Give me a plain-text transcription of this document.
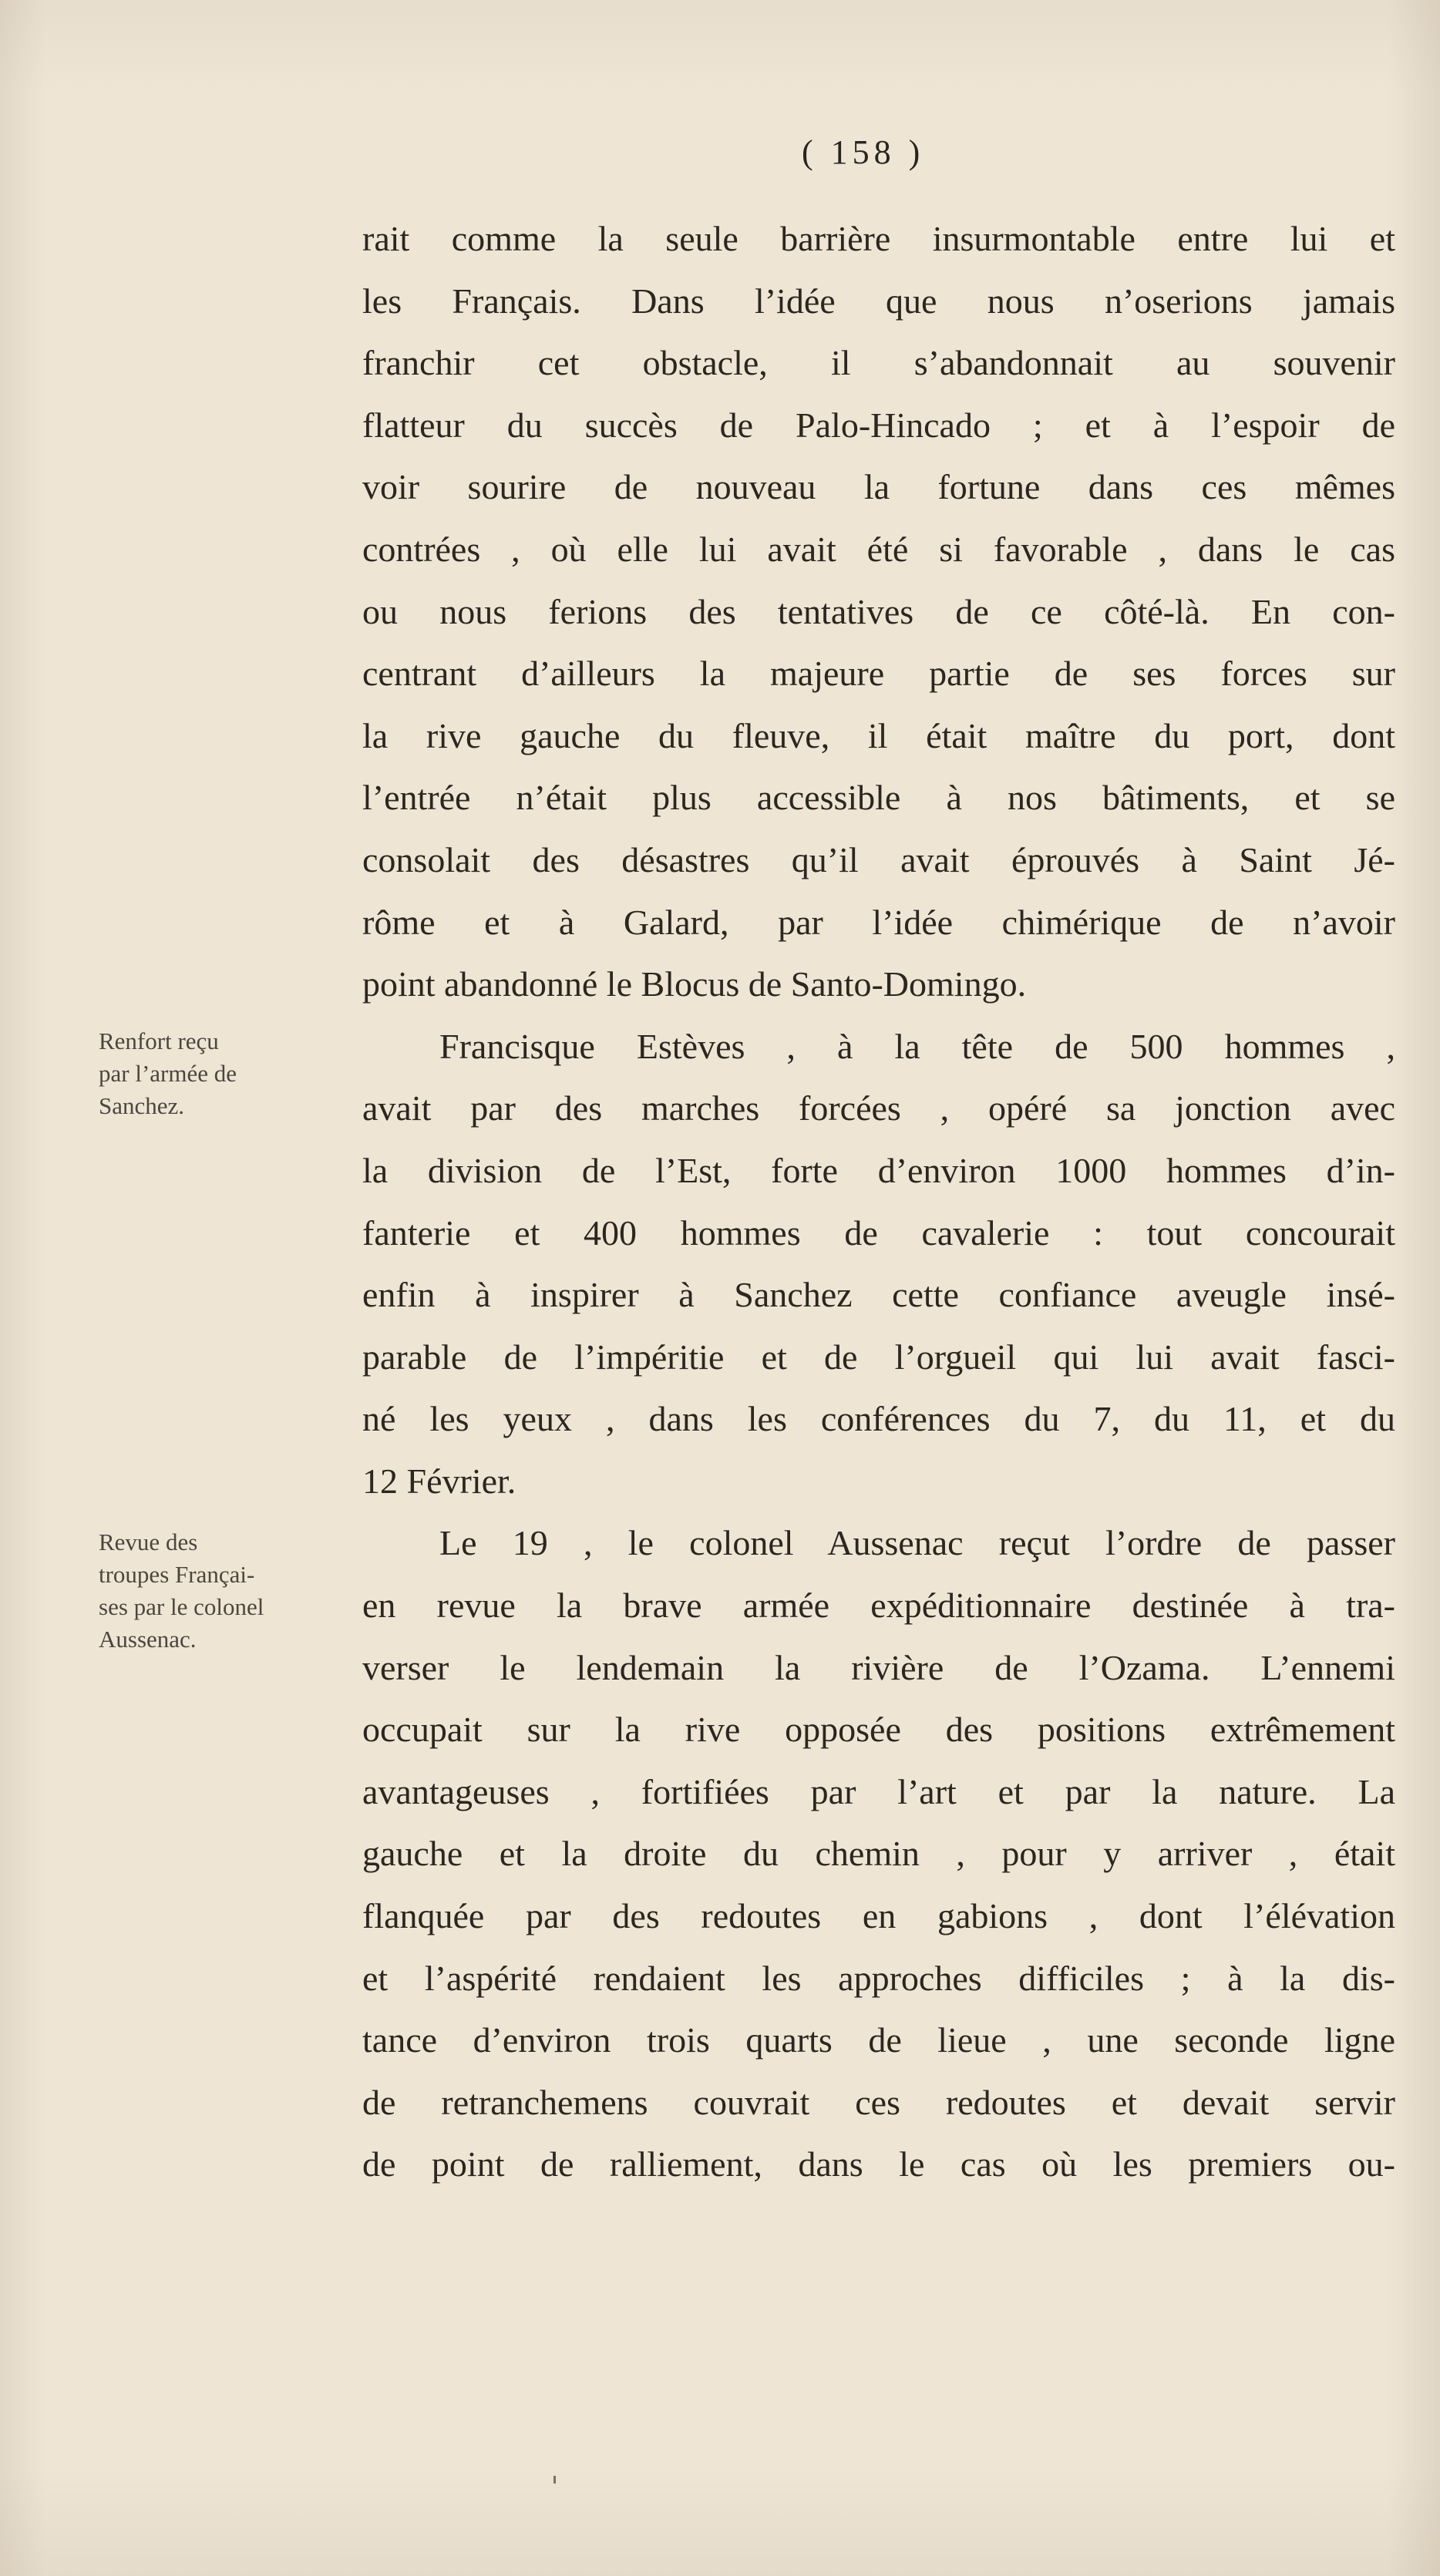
( 158 )
Renfort reçu
par l’armée de
Sanchez.
Revue des
troupes Françai-
ses par le colonel
Aussenac.
rait comme la seule barrière insurmontable entre lui et
les Français. Dans l’idée que nous n’oserions jamais
franchir cet obstacle, il s’abandonnait au souvenir
flatteur du succès de Palo-Hincado ; et à l’espoir de
voir sourire de nouveau la fortune dans ces mêmes
contrées , où elle lui avait été si favorable , dans le cas
ou nous ferions des tentatives de ce côté-là. En con-
centrant d’ailleurs la majeure partie de ses forces sur
la rive gauche du fleuve, il était maître du port, dont
l’entrée n’était plus accessible à nos bâtiments, et se
consolait des désastres qu’il avait éprouvés à Saint Jé-
rôme et à Galard, par l’idée chimérique de n’avoir
point abandonné le Blocus de Santo-Domingo.
Francisque Estèves , à la tête de 500 hommes ,
avait par des marches forcées , opéré sa jonction avec
la division de l’Est, forte d’environ 1000 hommes d’in-
fanterie et 400 hommes de cavalerie : tout concourait
enfin à inspirer à Sanchez cette confiance aveugle insé-
parable de l’impéritie et de l’orgueil qui lui avait fasci-
né les yeux , dans les conférences du 7, du 11, et du
12 Février.
Le 19 , le colonel Aussenac reçut l’ordre de passer
en revue la brave armée expéditionnaire destinée à tra-
verser le lendemain la rivière de l’Ozama. L’ennemi
occupait sur la rive opposée des positions extrêmement
avantageuses , fortifiées par l’art et par la nature. La
gauche et la droite du chemin , pour y arriver , était
flanquée par des redoutes en gabions , dont l’élévation
et l’aspérité rendaient les approches difficiles ; à la dis-
tance d’environ trois quarts de lieue , une seconde ligne
de retranchemens couvrait ces redoutes et devait servir
de point de ralliement, dans le cas où les premiers ou-
